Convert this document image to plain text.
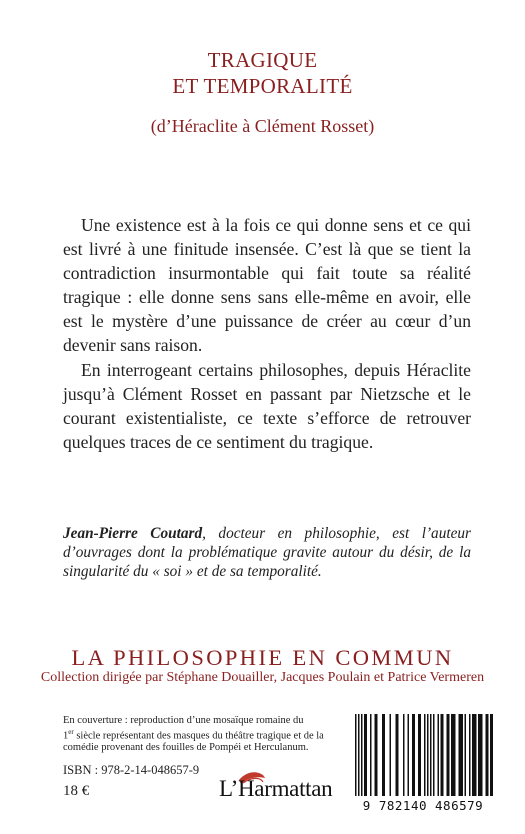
TRAGIQUE
ET TEMPORALITÉ
(d’Héraclite à Clément Rosset)

Une existence est à la fois ce qui donne sens et ce qui est livré à une finitude insensée. C’est là que se tient la contradiction insurmontable qui fait toute sa réalité tragique : elle donne sens sans elle-même en avoir, elle est le mystère d’une puissance de créer au cœur d’un devenir sans raison.

En interrogeant certains philosophes, depuis Héraclite jusqu’à Clément Rosset en passant par Nietzsche et le courant existentialiste, ce texte s’efforce de retrouver quelques traces de ce sentiment du tragique.

Jean-Pierre Coutard, docteur en philosophie, est l’auteur d’ouvrages dont la problématique gravite autour du désir, de la singularité du « soi » et de sa temporalité.
LA PHILOSOPHIE EN COMMUN
Collection dirigée par Stéphane Douailler, Jacques Poulain et Patrice Vermeren
En couverture : reproduction d’une mosaïque romaine du
1er siècle représentant des masques du théâtre tragique et de la
comédie provenant des fouilles de Pompéi et Herculanum.
ISBN : 978-2-14-048657-9
18 €	L’Harmattan
9 782140 486579
